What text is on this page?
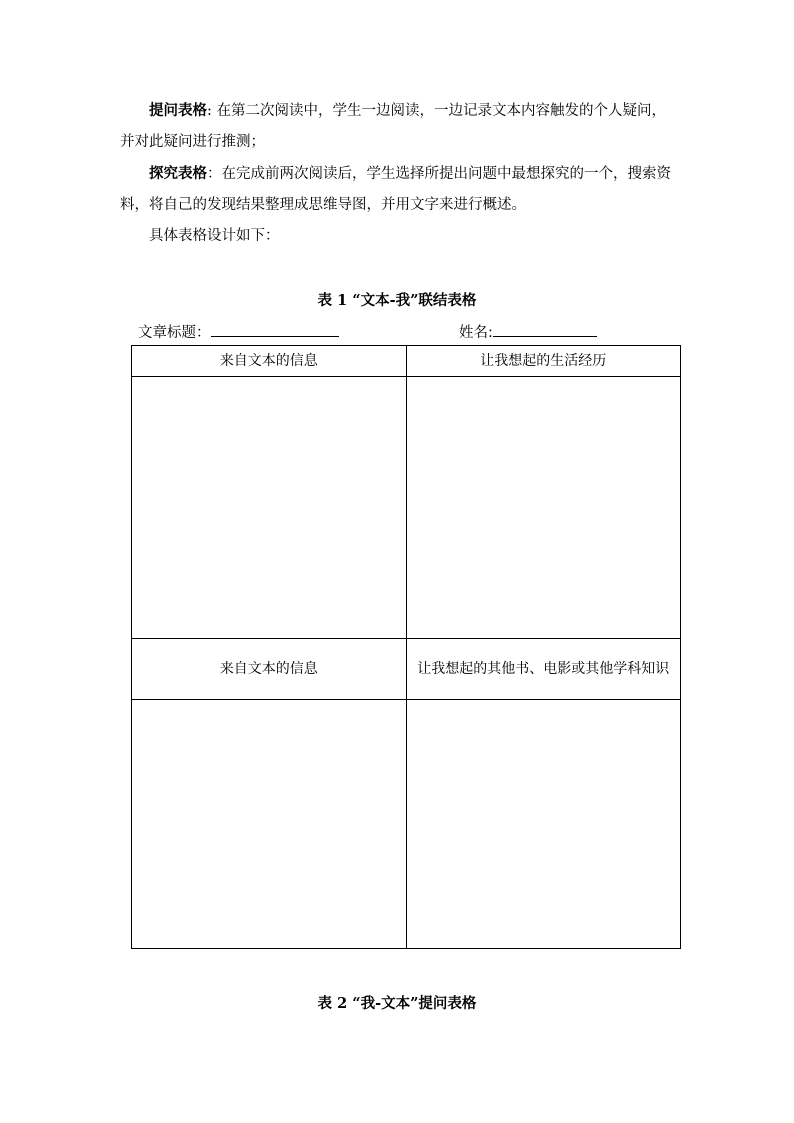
提问表格: 在第二次阅读中，学生一边阅读，一边记录文本内容触发的个人疑问，并对此疑问进行推测；

探究表格：在完成前两次阅读后，学生选择所提出问题中最想探究的一个，搜索资料，将自己的发现结果整理成思维导图，并用文字来进行概述。

具体表格设计如下：

表 1 “文本-我”联结表格

文章标题：	姓名:

来自文本的信息	让我想起的生活经历

来自文本的信息	让我想起的其他书、电影或其他学科知识

表 2 “我-文本”提问表格
